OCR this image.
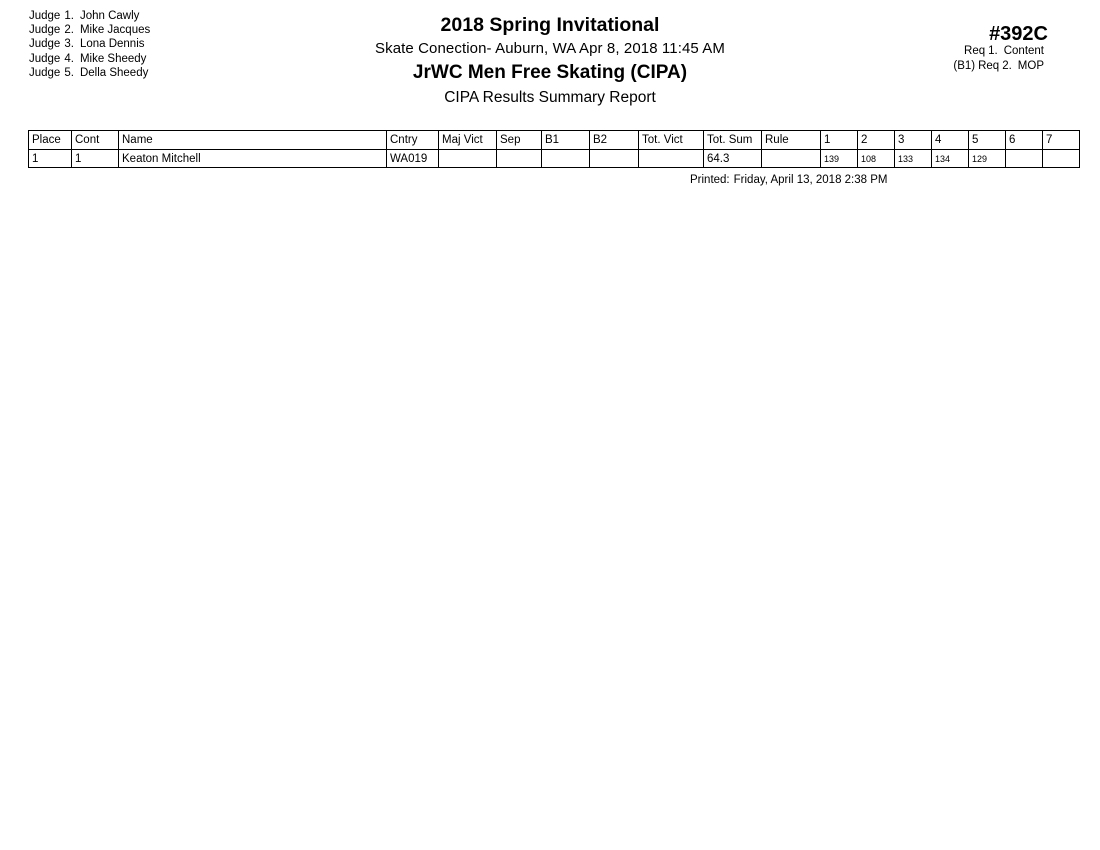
Judge 1. John Cawly
Judge 2. Mike Jacques
Judge 3. Lona Dennis
Judge 4. Mike Sheedy
Judge 5. Della Sheedy
2018 Spring Invitational
Skate Conection- Auburn, WA Apr 8, 2018 11:45 AM
JrWC Men Free Skating (CIPA)
CIPA Results Summary Report
#392C
Req 1. Content
(B1) Req 2. MOP
Place	Cont	Name	Cntry	Maj Vict	Sep	B1	B2	Tot. Vict	Tot. Sum	Rule	1	2	3	4	5	6	7
1	1	Keaton Mitchell	WA019						64.3		139	108	133	134	129		
Printed: Friday, April 13, 2018 2:38 PM
